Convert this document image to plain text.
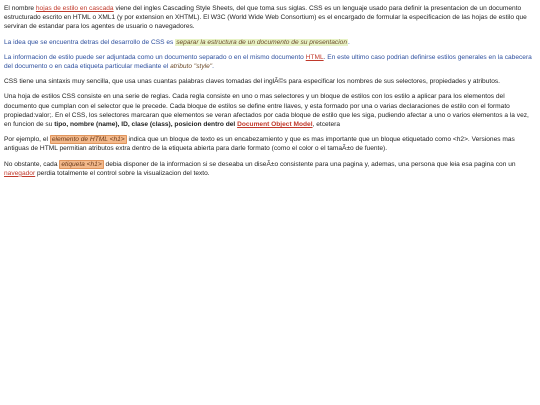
El nombre hojas de estilo en cascada viene del ingles Cascading Style Sheets, del que toma sus siglas. CSS es un lenguaje usado para definir la presentacion de un documento estructurado escrito en HTML o XML1 (y por extension en XHTML). El W3C (World Wide Web Consortium) es el encargado de formular la especificacion de las hojas de estilo que serviran de estandar para los agentes de usuario o navegadores.

La idea que se encuentra detras del desarrollo de CSS es separar la estructura de un documento de su presentacion.

La informacion de estilo puede ser adjuntada como un documento separado o en el mismo documento HTML. En este ultimo caso podrian definirse estilos generales en la cabecera del documento o en cada etiqueta particular mediante el atributo "style".

CSS tiene una sintaxis muy sencilla, que usa unas cuantas palabras claves tomadas del inglÃ©s para especificar los nombres de sus selectores, propiedades y atributos.

Una hoja de estilos CSS consiste en una serie de reglas. Cada regla consiste en uno o mas selectores y un bloque de estilos con los estilo a aplicar para los elementos del documento que cumplan con el selector que le precede. Cada bloque de estilos se define entre llaves, y esta formado por una o varias declaraciones de estilo con el formato propiedad:valor;. En el CSS, los selectores marcaran que elementos se veran afectados por cada bloque de estilo que les siga, pudiendo afectar a uno o varios elementos a la vez, en funcion de su tipo, nombre (name), ID, clase (class), posicion dentro del Document Object Model, etcetera

Por ejemplo, el elemento de HTML <h1> indica que un bloque de texto es un encabezamiento y que es mas importante que un bloque etiquetado como <h2>. Versiones mas antiguas de HTML permitian atributos extra dentro de la etiqueta abierta para darle formato (como el color o el tamaÃ±o de fuente).

No obstante, cada etiqueta <h1> debia disponer de la informacion si se deseaba un diseÃ±o consistente para una pagina y, ademas, una persona que leia esa pagina con un navegador perdia totalmente el control sobre la visualizacion del texto.
